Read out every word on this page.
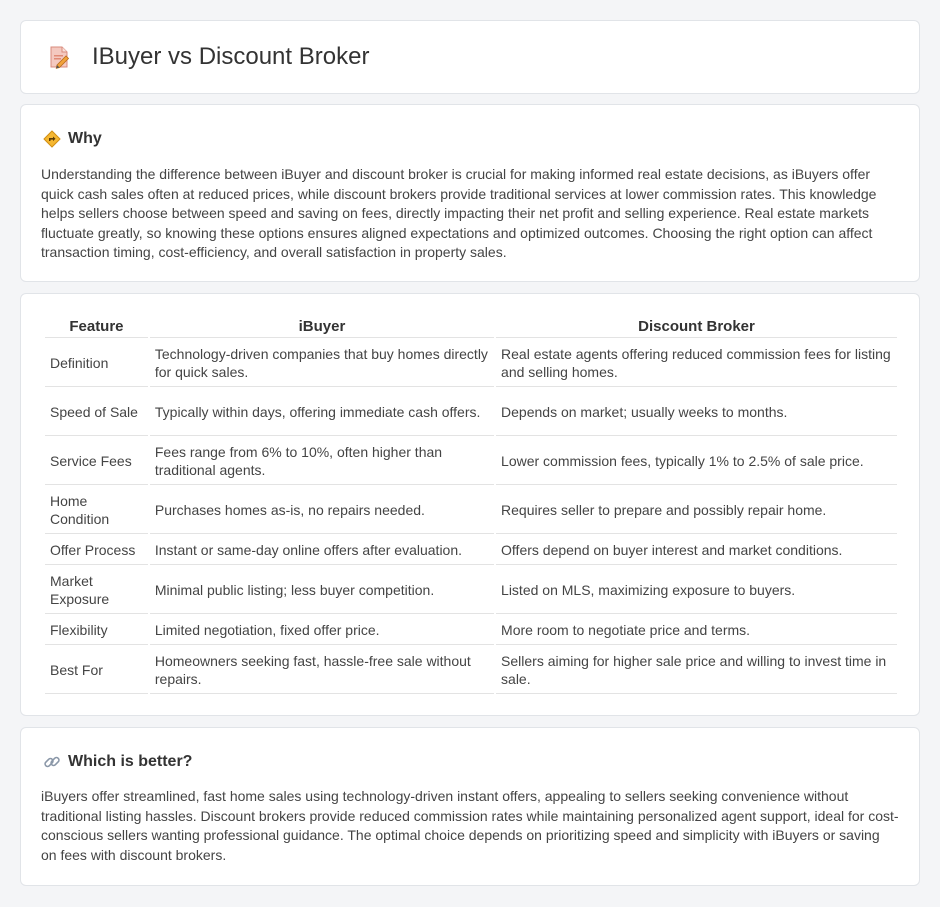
IBuyer vs Discount Broker
Why

Understanding the difference between iBuyer and discount broker is crucial for making informed real estate decisions, as iBuyers offer quick cash sales often at reduced prices, while discount brokers provide traditional services at lower commission rates. This knowledge helps sellers choose between speed and saving on fees, directly impacting their net profit and selling experience. Real estate markets fluctuate greatly, so knowing these options ensures aligned expectations and optimized outcomes. Choosing the right option can affect transaction timing, cost-efficiency, and overall satisfaction in property sales.

Feature	iBuyer	Discount Broker
Definition	Technology-driven companies that buy homes directly for quick sales.	Real estate agents offering reduced commission fees for listing and selling homes.
Speed of Sale	Typically within days, offering immediate cash offers.	Depends on market; usually weeks to months.
Service Fees	Fees range from 6% to 10%, often higher than traditional agents.	Lower commission fees, typically 1% to 2.5% of sale price.
Home Condition	Purchases homes as-is, no repairs needed.	Requires seller to prepare and possibly repair home.
Offer Process	Instant or same-day online offers after evaluation.	Offers depend on buyer interest and market conditions.
Market Exposure	Minimal public listing; less buyer competition.	Listed on MLS, maximizing exposure to buyers.
Flexibility	Limited negotiation, fixed offer price.	More room to negotiate price and terms.
Best For	Homeowners seeking fast, hassle-free sale without repairs.	Sellers aiming for higher sale price and willing to invest time in sale.
Which is better?

iBuyers offer streamlined, fast home sales using technology-driven instant offers, appealing to sellers seeking convenience without traditional listing hassles. Discount brokers provide reduced commission rates while maintaining personalized agent support, ideal for cost-conscious sellers wanting professional guidance. The optimal choice depends on prioritizing speed and simplicity with iBuyers or saving on fees with discount brokers.
